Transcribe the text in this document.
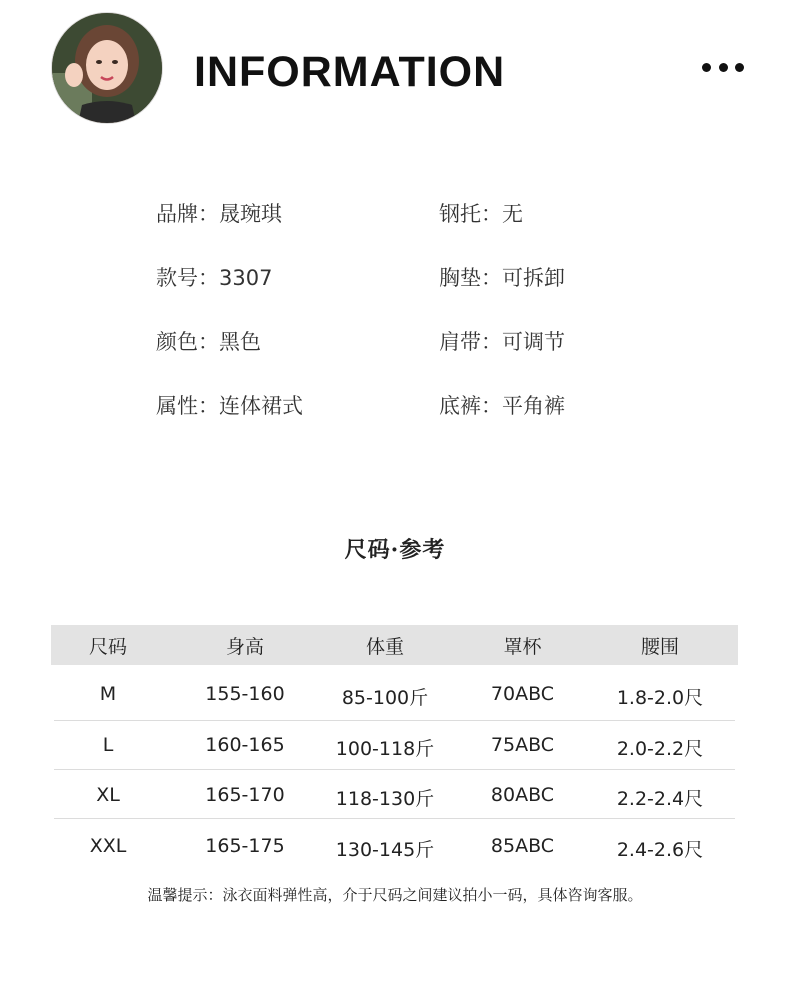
INFORMATION
品牌：晟琬琪	钢托：无
款号：3307	胸垫：可拆卸
颜色：黑色	肩带：可调节
属性：连体裙式	底裤：平角裤
尺码·参考
尺码	身高	体重	罩杯	腰围
M	155-160	85-100斤	70ABC	1.8-2.0尺
L	160-165	100-118斤	75ABC	2.0-2.2尺
XL	165-170	118-130斤	80ABC	2.2-2.4尺
XXL	165-175	130-145斤	85ABC	2.4-2.6尺
温馨提示：泳衣面料弹性高，介于尺码之间建议拍小一码，具体咨询客服。
